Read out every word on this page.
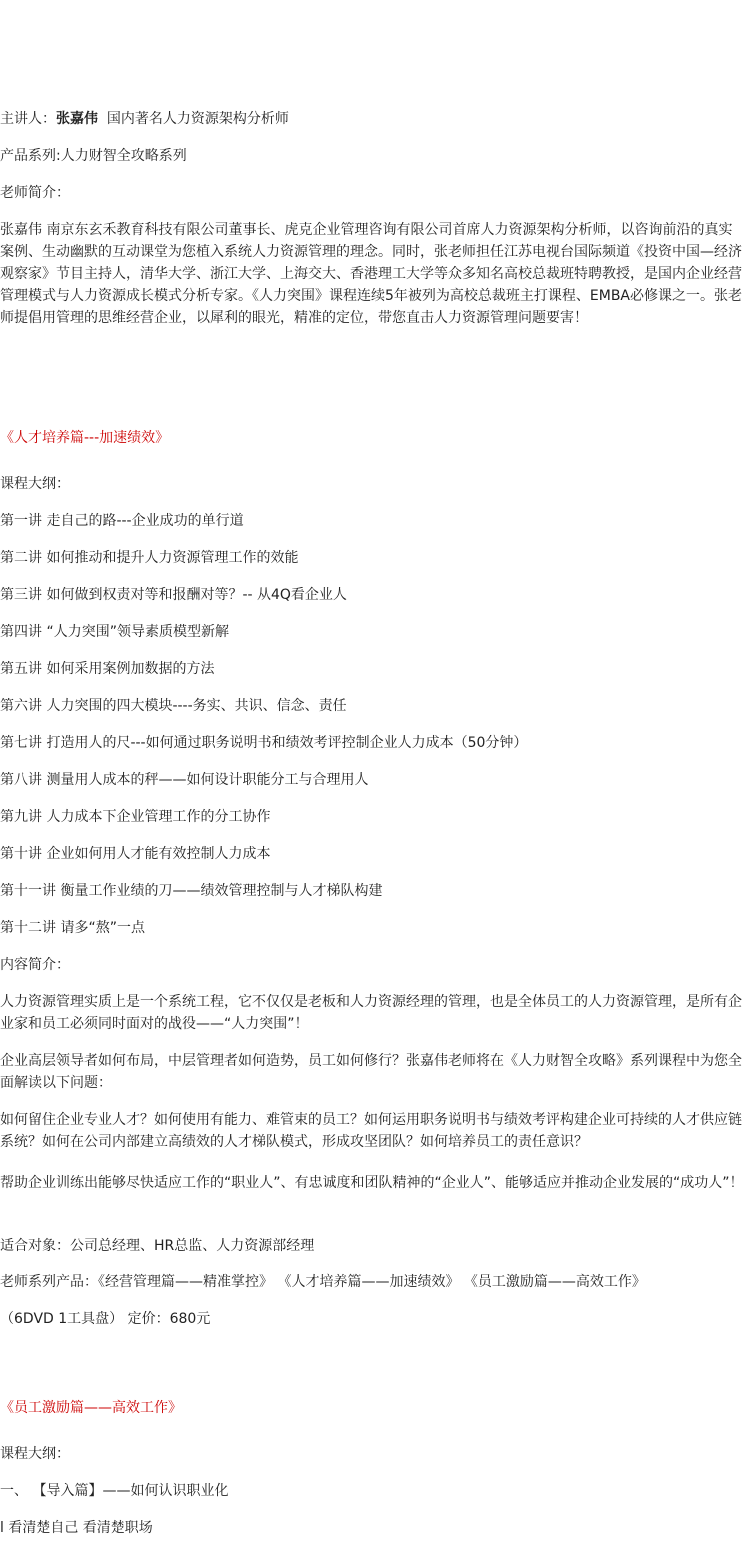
主讲人：张嘉伟  国内著名人力资源架构分析师
产品系列:人力财智全攻略系列
老师简介：
张嘉伟 南京东玄禾教育科技有限公司董事长、虎克企业管理咨询有限公司首席人力资源架构分析师，以咨询前沿的真实案例、生动幽默的互动课堂为您植入系统人力资源管理的理念。同时，张老师担任江苏电视台国际频道《投资中国—经济观察家》节目主持人，清华大学、浙江大学、上海交大、香港理工大学等众多知名高校总裁班特聘教授，是国内企业经营管理模式与人力资源成长模式分析专家。《人力突围》课程连续5年被列为高校总裁班主打课程、EMBA必修课之一。张老师提倡用管理的思维经营企业，以犀利的眼光，精准的定位，带您直击人力资源管理问题要害！
《人才培养篇---加速绩效》
课程大纲：
第一讲 走自己的路---企业成功的单行道
第二讲 如何推动和提升人力资源管理工作的效能
第三讲 如何做到权责对等和报酬对等？-- 从4Q看企业人
第四讲 “人力突围”领导素质模型新解
第五讲 如何采用案例加数据的方法
第六讲 人力突围的四大模块----务实、共识、信念、责任
第七讲 打造用人的尺---如何通过职务说明书和绩效考评控制企业人力成本（50分钟）
第八讲 测量用人成本的秤——如何设计职能分工与合理用人
第九讲 人力成本下企业管理工作的分工协作
第十讲 企业如何用人才能有效控制人力成本
第十一讲 衡量工作业绩的刀——绩效管理控制与人才梯队构建
第十二讲 请多“熬”一点
内容简介：
人力资源管理实质上是一个系统工程，它不仅仅是老板和人力资源经理的管理，也是全体员工的人力资源管理，是所有企业家和员工必须同时面对的战役——“人力突围”！
企业高层领导者如何布局，中层管理者如何造势，员工如何修行？张嘉伟老师将在《人力财智全攻略》系列课程中为您全面解读以下问题：
如何留住企业专业人才？如何使用有能力、难管束的员工？如何运用职务说明书与绩效考评构建企业可持续的人才供应链系统？如何在公司内部建立高绩效的人才梯队模式，形成攻坚团队？如何培养员工的责任意识？
帮助企业训练出能够尽快适应工作的“职业人”、有忠诚度和团队精神的“企业人”、能够适应并推动企业发展的“成功人”！
适合对象：公司总经理、HR总监、人力资源部经理
老师系列产品：《经营管理篇——精准掌控》 《人才培养篇——加速绩效》 《员工激励篇——高效工作》
（6DVD 1工具盘） 定价：680元
《员工激励篇——高效工作》
课程大纲：
一、 【导入篇】——如何认识职业化
l 看清楚自己 看清楚职场
